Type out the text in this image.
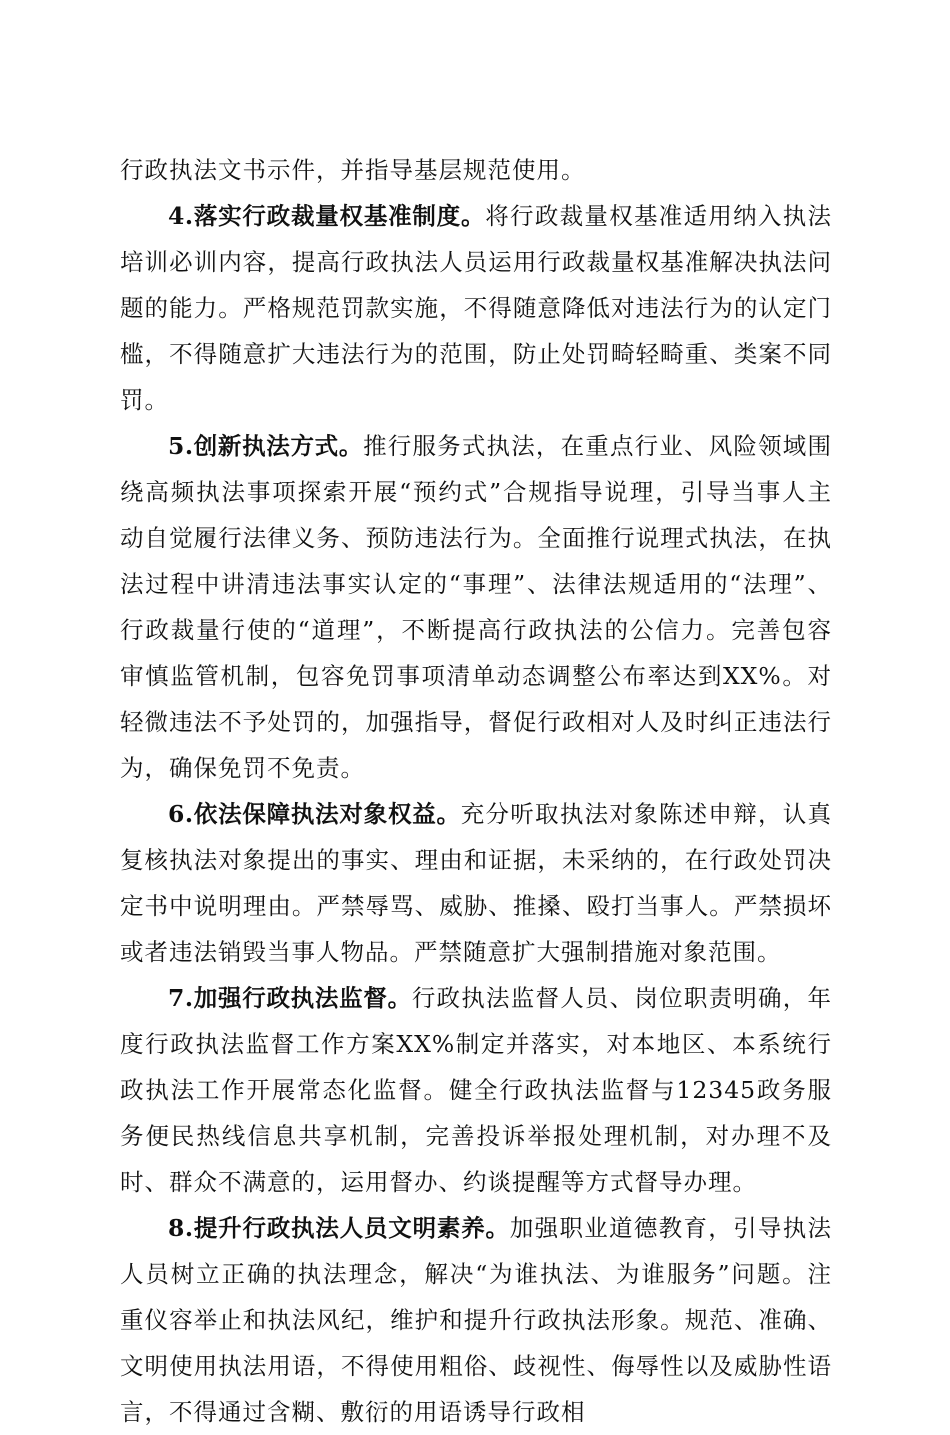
行政执法文书示件，并指导基层规范使用。

4.落实行政裁量权基准制度。将行政裁量权基准适用纳入执法培训必训内容，提高行政执法人员运用行政裁量权基准解决执法问题的能力。严格规范罚款实施，不得随意降低对违法行为的认定门槛，不得随意扩大违法行为的范围，防止处罚畸轻畸重、类案不同罚。

5.创新执法方式。推行服务式执法，在重点行业、风险领域围绕高频执法事项探索开展“预约式”合规指导说理，引导当事人主动自觉履行法律义务、预防违法行为。全面推行说理式执法，在执法过程中讲清违法事实认定的“事理”、法律法规适用的“法理”、行政裁量行使的“道理”，不断提高行政执法的公信力。完善包容审慎监管机制，包容免罚事项清单动态调整公布率达到XX%。对轻微违法不予处罚的，加强指导，督促行政相对人及时纠正违法行为，确保免罚不免责。

6.依法保障执法对象权益。充分听取执法对象陈述申辩，认真复核执法对象提出的事实、理由和证据，未采纳的，在行政处罚决定书中说明理由。严禁辱骂、威胁、推搡、殴打当事人。严禁损坏或者违法销毁当事人物品。严禁随意扩大强制措施对象范围。

7.加强行政执法监督。行政执法监督人员、岗位职责明确，年度行政执法监督工作方案XX%制定并落实，对本地区、本系统行政执法工作开展常态化监督。健全行政执法监督与12345政务服务便民热线信息共享机制，完善投诉举报处理机制，对办理不及时、群众不满意的，运用督办、约谈提醒等方式督导办理。

8.提升行政执法人员文明素养。加强职业道德教育，引导执法人员树立正确的执法理念，解决“为谁执法、为谁服务”问题。注重仪容举止和执法风纪，维护和提升行政执法形象。规范、准确、文明使用执法用语，不得使用粗俗、歧视性、侮辱性以及威胁性语言，不得通过含糊、敷衍的用语诱导行政相
